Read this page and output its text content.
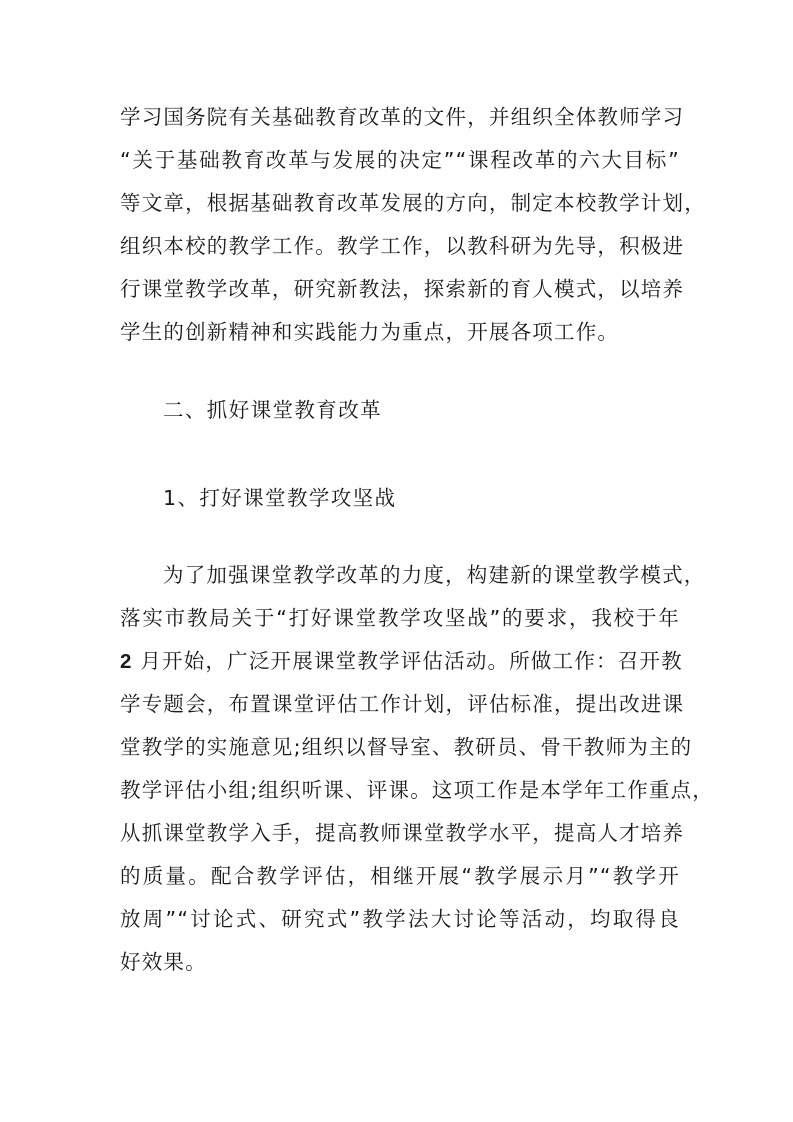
学习国务院有关基础教育改革的文件，并组织全体教师学习
“关于基础教育改革与发展的决定”“课程改革的六大目标”
等文章，根据基础教育改革发展的方向，制定本校教学计划，
组织本校的教学工作。教学工作，以教科研为先导，积极进
行课堂教学改革，研究新教法，探索新的育人模式，以培养
学生的创新精神和实践能力为重点，开展各项工作。
二、抓好课堂教育改革
1、打好课堂教学攻坚战
为了加强课堂教学改革的力度，构建新的课堂教学模式，
落实市教局关于“打好课堂教学攻坚战”的要求，我校于年
2 月开始，广泛开展课堂教学评估活动。所做工作：召开教
学专题会，布置课堂评估工作计划，评估标准，提出改进课
堂教学的实施意见;组织以督导室、教研员、骨干教师为主的
教学评估小组;组织听课、评课。这项工作是本学年工作重点，
从抓课堂教学入手，提高教师课堂教学水平，提高人才培养
的质量。配合教学评估，相继开展“教学展示月”“教学开
放周”“讨论式、研究式”教学法大讨论等活动，均取得良
好效果。
